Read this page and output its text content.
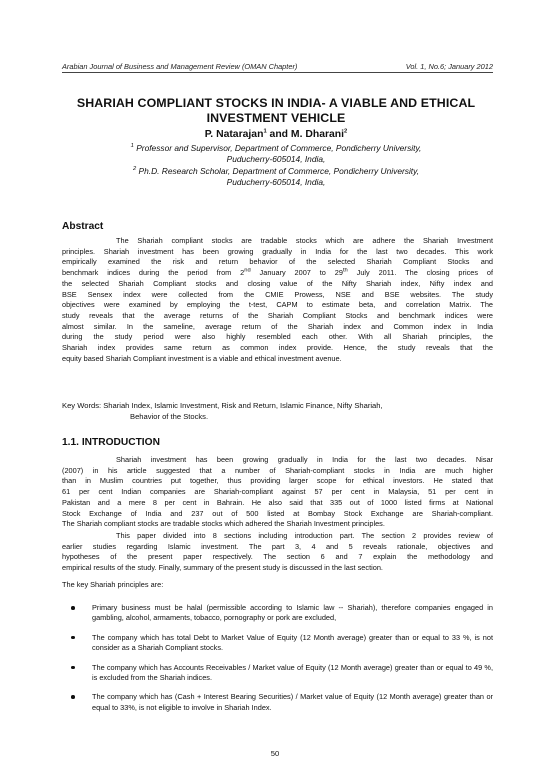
Arabian Journal of Business and Management Review (OMAN Chapter)	Vol. 1, No.6; January 2012
SHARIAH COMPLIANT STOCKS IN INDIA- A VIABLE AND ETHICAL
INVESTMENT VEHICLE
P. Natarajan$^1$ and M. Dharani$^2$
$^1$ Professor and Supervisor, Department of Commerce, Pondicherry University,
Puducherry-605014, India,
$^2$ Ph.D. Research Scholar, Department of Commerce, Pondicherry University,
Puducherry-605014, India,
Abstract
The Shariah compliant stocks are tradable stocks which are adhere the Shariah Investment
principles. Shariah investment has been growing gradually in India for the last two decades. This work
empirically examined the risk and return behavior of the selected Shariah Compliant Stocks and
benchmark indices during the period from 2nd January 2007 to 29th July 2011. The closing prices of
the selected Shariah Compliant stocks and closing value of the Nifty Shariah index, Nifty index and
BSE Sensex index were collected from the CMIE Prowess, NSE and BSE websites. The study
objectives were examined by employing the t-test, CAPM to estimate beta, and correlation Matrix. The
study reveals that the average returns of the Shariah Compliant Stocks and benchmark indices were
almost similar. In the sameline, average return of the Shariah index and Common index in India
during the study period were also highly resembled each other. With all Shariah principles, the
Shariah index provides same return as common index provide. Hence, the study reveals that the
equity based Shariah Compliant investment is a viable and ethical investment avenue.
Key Words: Shariah Index, Islamic Investment, Risk and Return, Islamic Finance, Nifty Shariah,
Behavior of the Stocks.
1.1. INTRODUCTION
Shariah investment has been growing gradually in India for the last two decades. Nisar
(2007) in his article suggested that a number of Shariah-compliant stocks in India are much higher
than in Muslim countries put together, thus providing larger scope for ethical investors. He stated that
61 per cent Indian companies are Shariah-compliant against 57 per cent in Malaysia, 51 per cent in
Pakistan and a mere 8 per cent in Bahrain. He also said that 335 out of 1000 listed firms at National
Stock Exchange of India and 237 out of 500 listed at Bombay Stock Exchange are Shariah-compliant.
The Shariah compliant stocks are tradable stocks which adhered the Shariah Investment principles.
This paper divided into 8 sections including introduction part. The section 2 provides review of
earlier studies regarding Islamic investment. The part 3, 4 and 5 reveals rationale, objectives and
hypotheses of the present paper respectively. The section 6 and 7 explain the methodology and
empirical results of the study. Finally, summary of the present study is discussed in the last section.
The key Shariah principles are:
Primary business must be halal (permissible according to Islamic law -- Shariah), therefore companies engaged in gambling, alcohol, armaments, tobacco, pornography or pork are excluded,
The company which has total Debt to Market Value of Equity (12 Month average) greater than or equal to 33 %, is not consider as a Shariah Compliant stocks.
The company which has Accounts Receivables / Market value of Equity (12 Month average) greater than or equal to 49 %, is excluded from the Shariah indices.
The company which has (Cash + Interest Bearing Securities) / Market value of Equity (12 Month average) greater than or equal to 33%, is not eligible to involve in Shariah Index.
50
